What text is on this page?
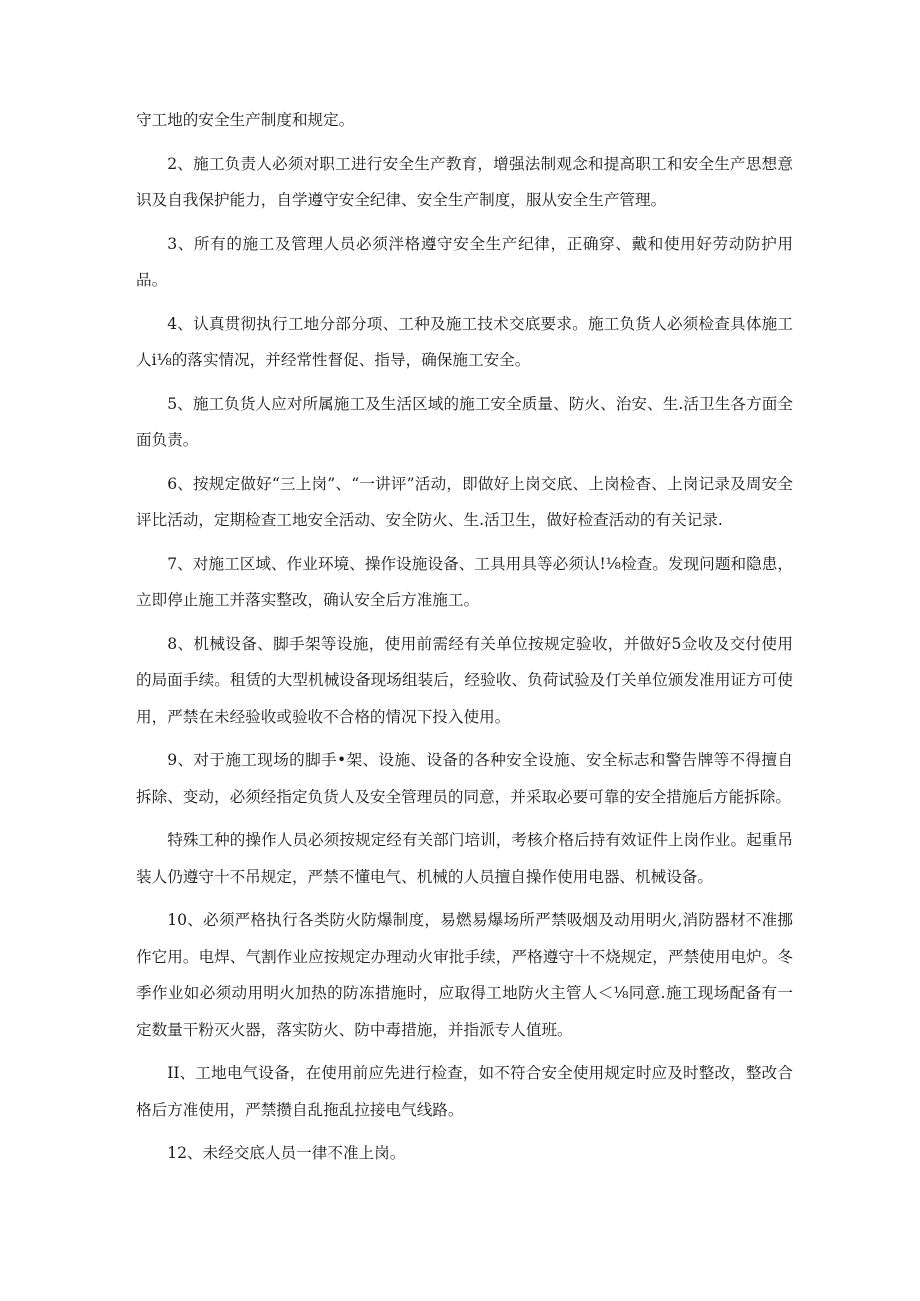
守工地的安全生产制度和规定。

2、施工负责人必须对职工进行安全生产教育，增强法制观念和提高职工和安全生产思想意识及自我保护能力，自学遵守安全纪律、安全生产制度，服从安全生产管理。

3、所有的施工及管理人员必须泮格遵守安全生产纪律，正确穿、戴和使用好劳动防护用品。

4、认真贯彻执行工地分部分项、工种及施工技术交底要求。施工负货人必须检查具体施工人i⅛的落实情况，并经常性督促、指导，确保施工安全。

5、施工负货人应对所属施工及生活区域的施工安全质量、防火、治安、生.活卫生各方面全面负责。

6、按规定做好“三上岗”、“一讲评”活动，即做好上岗交底、上岗检杳、上岗记录及周安全评比活动，定期检查工地安全活动、安全防火、生.活卫生，做好检查活动的有关记录.

7、对施工区域、作业环境、操作设施设备、工具用具等必须认!⅛检查。发现问题和隐患，立即停止施工并落实整改，确认安全后方准施工。

8、机械设备、脚手架等设施，使用前需经有关单位按规定验收，并做好5佥收及交付使用的局面手续。租赁的大型机械设备现场组装后，经验收、负荷试验及仃关单位颁发准用证方可使用，严禁在未经验收或验收不合格的情况下投入使用。

9、对于施工现场的脚手•架、设施、设备的各种安全设施、安全标志和警告牌等不得擅自拆除、变动，必须经指定负货人及安全管理员的同意，并采取必要可靠的安全措施后方能拆除。

特殊工种的操作人员必须按规定经有关部门培训，考核介格后持有效证件上岗作业。起重吊装人仍遵守十不吊规定，严禁不懂电气、机械的人员擅自操作使用电器、机械设备。

10、必须严格执行各类防火防爆制度，易燃易爆场所严禁吸烟及动用明火,消防器材不准挪作它用。电焊、气割作业应按规定办理动火审批手续，严格遵守十不烧规定，严禁使用电炉。冬季作业如必须动用明火加热的防冻措施时，应取得工地防火主管人＜⅛同意.施工现场配备有一定数量干粉灭火器，落实防火、防中毒措施，并指派专人值班。

II、工地电气设备，在使用前应先进行检查，如不符合安全使用规定时应及时整改，整改合格后方准使用，严禁攒自乱拖乱拉接电气线路。

12、未经交底人员一律不准上岗。
